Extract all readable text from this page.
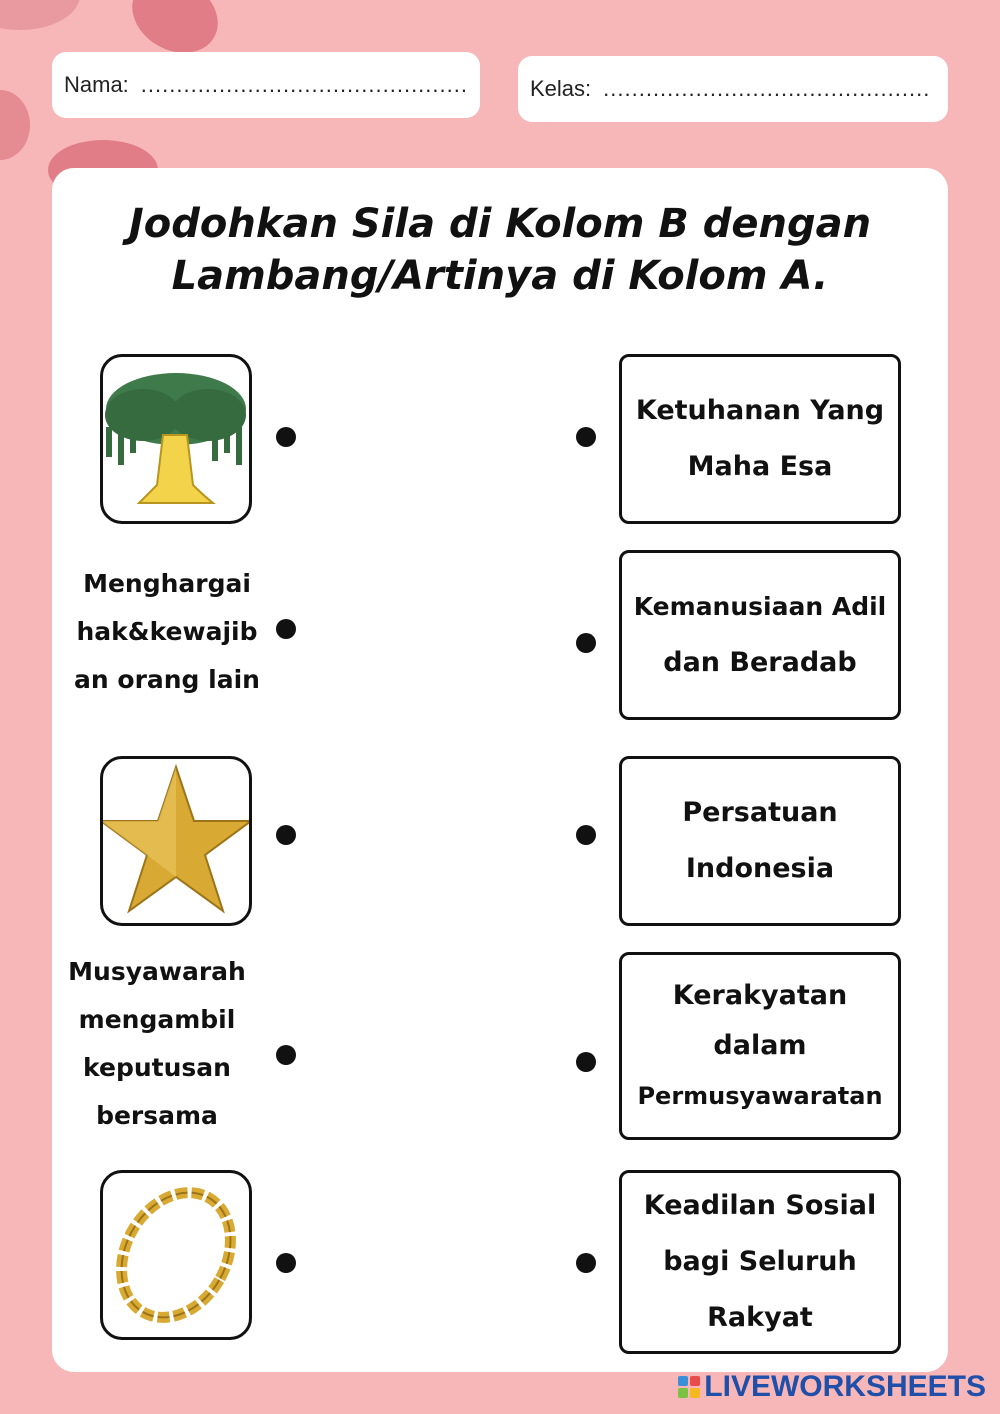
Nama: ..............................................	Kelas: ..............................................
Jodohkan Sila di Kolom B dengan
Lambang/Artinya di Kolom A.
Menghargai
hak&kewajib
an orang lain
Musyawarah
mengambil
keputusan
bersama
Ketuhanan Yang
Maha Esa
Kemanusiaan Adil
dan Beradab
Persatuan
Indonesia
Kerakyatan
dalam
Permusyawaratan
Keadilan Sosial
bagi Seluruh
Rakyat
LIVEWORKSHEETS
